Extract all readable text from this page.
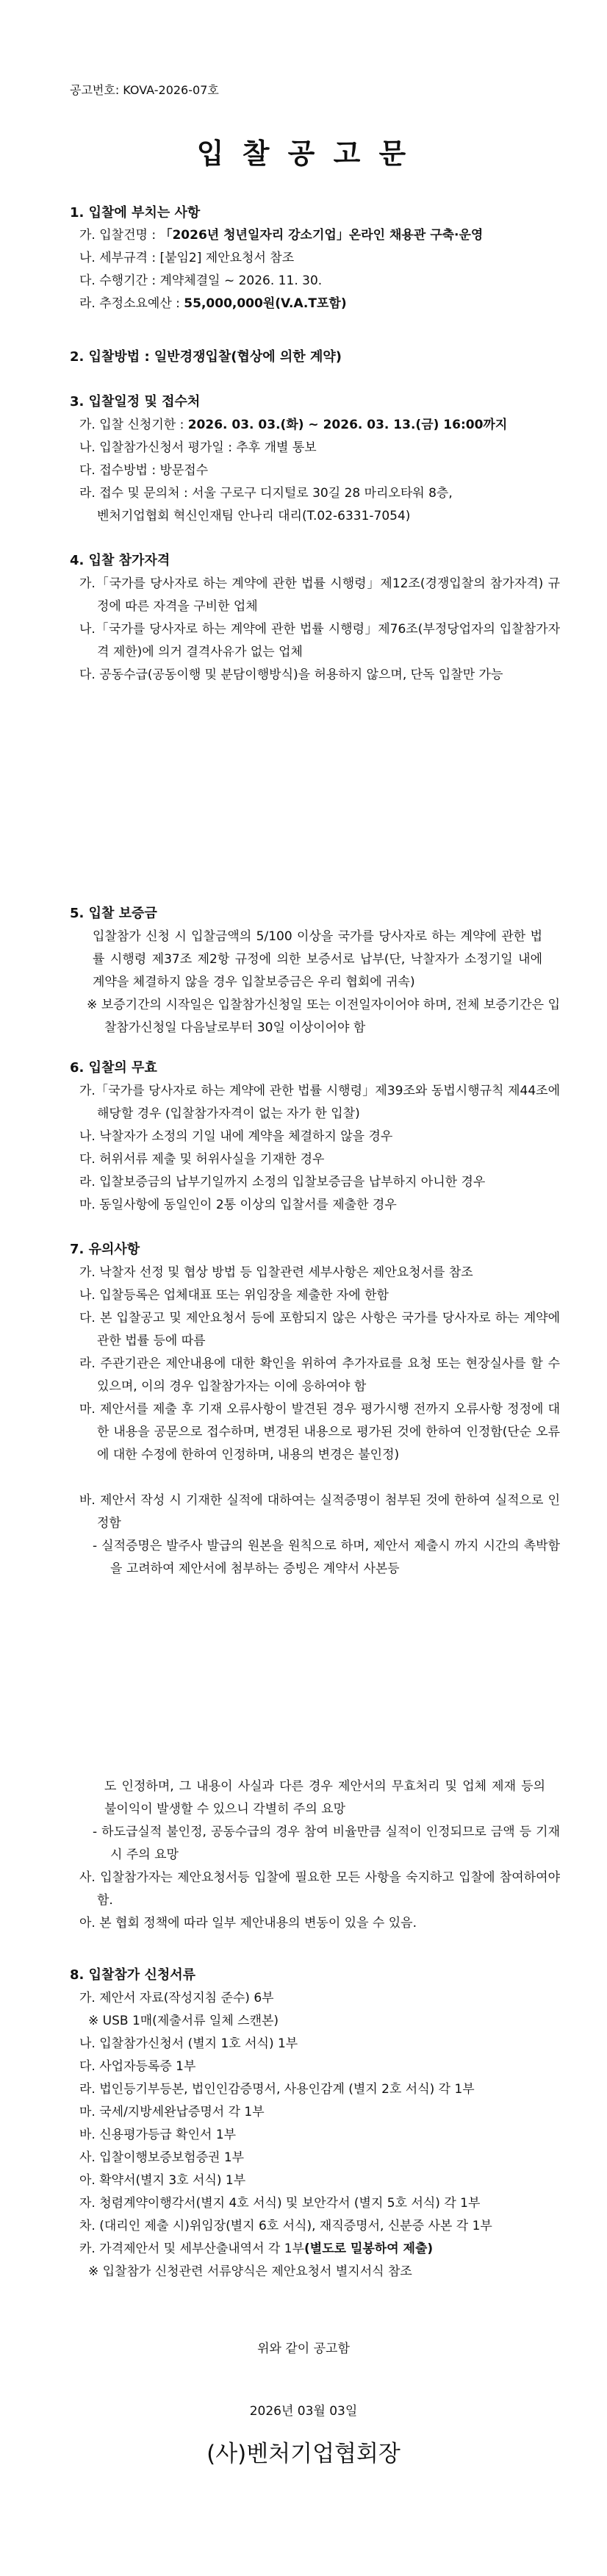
공고번호: KOVA-2026-07호
입 찰 공 고 문
1. 입찰에 부치는 사항
가. 입찰건명 : 「2026년 청년일자리 강소기업」온라인 채용관 구축·운영
나. 세부규격 : [붙임2] 제안요청서 참조
다. 수행기간 : 계약체결일 ~ 2026. 11. 30.
라. 추정소요예산 : 55,000,000원(V.A.T포함)
2. 입찰방법 : 일반경쟁입찰(협상에 의한 계약)
3. 입찰일정 및 접수처
가. 입찰 신청기한 : 2026. 03. 03.(화) ~ 2026. 03. 13.(금) 16:00까지
나. 입찰참가신청서 평가일 : 추후 개별 통보
다. 접수방법 : 방문접수
라. 접수 및 문의처 : 서울 구로구 디지털로 30길 28 마리오타워 8층,
벤처기업협회 혁신인재팀 안나리 대리(T.02-6331-7054)
4. 입찰 참가자격
가.「국가를 당사자로 하는 계약에 관한 법률 시행령」제12조(경쟁입찰의 참가자격) 규정에 따른 자격을 구비한 업체
나.「국가를 당사자로 하는 계약에 관한 법률 시행령」제76조(부정당업자의 입찰참가자격 제한)에 의거 결격사유가 없는 업체
다. 공동수급(공동이행 및 분담이행방식)을 허용하지 않으며, 단독 입찰만 가능
5. 입찰 보증금
입찰참가 신청 시 입찰금액의 5/100 이상을 국가를 당사자로 하는 계약에 관한 법률 시행령 제37조 제2항 규정에 의한 보증서로 납부(단, 낙찰자가 소정기일 내에 계약을 체결하지 않을 경우 입찰보증금은 우리 협회에 귀속)
※ 보증기간의 시작일은 입찰참가신청일 또는 이전일자이어야 하며, 전체 보증기간은 입찰참가신청일 다음날로부터 30일 이상이어야 함
6. 입찰의 무효
가.「국가를 당사자로 하는 계약에 관한 법률 시행령」제39조와 동법시행규칙 제44조에 해당할 경우 (입찰참가자격이 없는 자가 한 입찰)
나. 낙찰자가 소정의 기일 내에 계약을 체결하지 않을 경우
다. 허위서류 제출 및 허위사실을 기재한 경우
라. 입찰보증금의 납부기일까지 소정의 입찰보증금을 납부하지 아니한 경우
마. 동일사항에 동일인이 2통 이상의 입찰서를 제출한 경우
7. 유의사항
가. 낙찰자 선정 및 협상 방법 등 입찰관련 세부사항은 제안요청서를 참조
나. 입찰등록은 업체대표 또는 위임장을 제출한 자에 한함
다. 본 입찰공고 및 제안요청서 등에 포함되지 않은 사항은 국가를 당사자로 하는 계약에 관한 법률 등에 따름
라. 주관기관은 제안내용에 대한 확인을 위하여 추가자료를 요청 또는 현장실사를 할 수 있으며, 이의 경우 입찰참가자는 이에 응하여야 함
마. 제안서를 제출 후 기재 오류사항이 발견된 경우 평가시행 전까지 오류사항 정정에 대한 내용을 공문으로 접수하며, 변경된 내용으로 평가된 것에 한하여 인정함(단순 오류에 대한 수정에 한하여 인정하며, 내용의 변경은 불인정)
바. 제안서 작성 시 기재한 실적에 대하여는 실적증명이 첨부된 것에 한하여 실적으로 인정함
- 실적증명은 발주사 발급의 원본을 원칙으로 하며, 제안서 제출시 까지 시간의 촉박함을 고려하여 제안서에 첨부하는 증빙은 계약서 사본등
도 인정하며, 그 내용이 사실과 다른 경우 제안서의 무효처리 및 업체 제재 등의 불이익이 발생할 수 있으니 각별히 주의 요망
- 하도급실적 불인정, 공동수급의 경우 참여 비율만큼 실적이 인정되므로 금액 등 기재 시 주의 요망
사. 입찰참가자는 제안요청서등 입찰에 필요한 모든 사항을 숙지하고 입찰에 참여하여야 함.
아. 본 협회 정책에 따라 일부 제안내용의 변동이 있을 수 있음.
8. 입찰참가 신청서류
가. 제안서 자료(작성지침 준수) 6부
※ USB 1매(제출서류 일체 스캔본)
나. 입찰참가신청서 (별지 1호 서식) 1부
다. 사업자등록증 1부
라. 법인등기부등본, 법인인감증명서, 사용인감계 (별지 2호 서식) 각 1부
마. 국세/지방세완납증명서 각 1부
바. 신용평가등급 확인서 1부
사. 입찰이행보증보험증권 1부
아. 확약서(별지 3호 서식) 1부
자. 청렴계약이행각서(별지 4호 서식) 및 보안각서 (별지 5호 서식) 각 1부
차. (대리인 제출 시)위임장(별지 6호 서식), 재직증명서, 신분증 사본 각 1부
카. 가격제안서 및 세부산출내역서 각 1부(별도로 밀봉하여 제출)
※ 입찰참가 신청관련 서류양식은 제안요청서 별지서식 참조
위와 같이 공고함
2026년 03월 03일
(사)벤처기업협회장
